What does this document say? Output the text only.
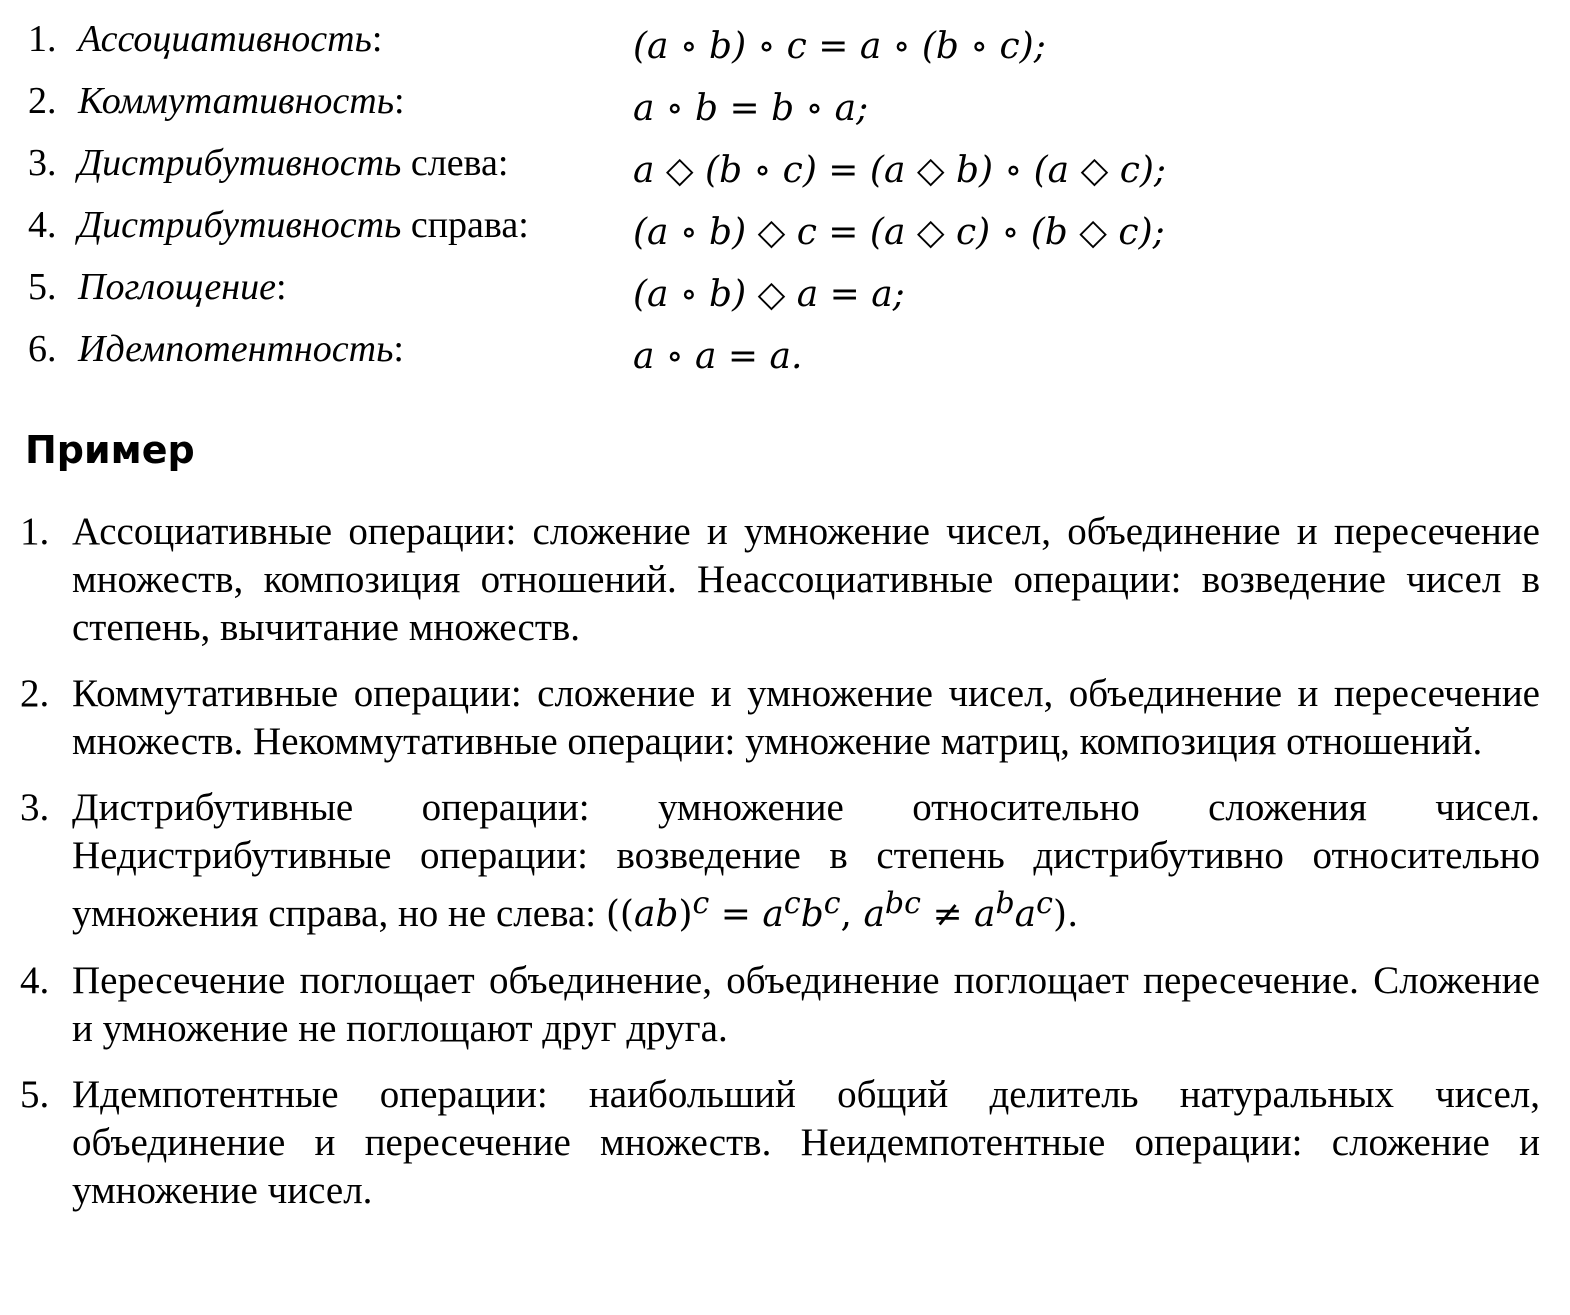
1. Ассоциативность:	(a ∘ b) ∘ c = a ∘ (b ∘ c);
2. Коммутативность:	a ∘ b = b ∘ a;
3. Дистрибутивность слева:	a ◇ (b ∘ c) = (a ◇ b) ∘ (a ◇ c);
4. Дистрибутивность справа:	(a ∘ b) ◇ c = (a ◇ c) ∘ (b ◇ c);
5. Поглощение:	(a ∘ b) ◇ a = a;
6. Идемпотентность:	a ∘ a = a.
Пример
1. Ассоциативные операции: сложение и умножение чисел, объединение и пересечение множеств, композиция отношений. Неассоциативные операции: возведение чисел в степень, вычитание множеств.
2. Коммутативные операции: сложение и умножение чисел, объединение и пересечение множеств. Некоммутативные операции: умножение матриц, композиция отношений.
3. Дистрибутивные операции: умножение относительно сложения чисел. Недистрибутивные операции: возведение в степень дистрибутивно относительно умножения справа, но не слева: ($(ab)^c = a^cb^c$, $a^{bc} \ne a^ba^c$).
4. Пересечение поглощает объединение, объединение поглощает пересечение. Сложение и умножение не поглощают друг друга.
5. Идемпотентные операции: наибольший общий делитель натуральных чисел, объединение и пересечение множеств. Неидемпотентные операции: сложение и умножение чисел.
